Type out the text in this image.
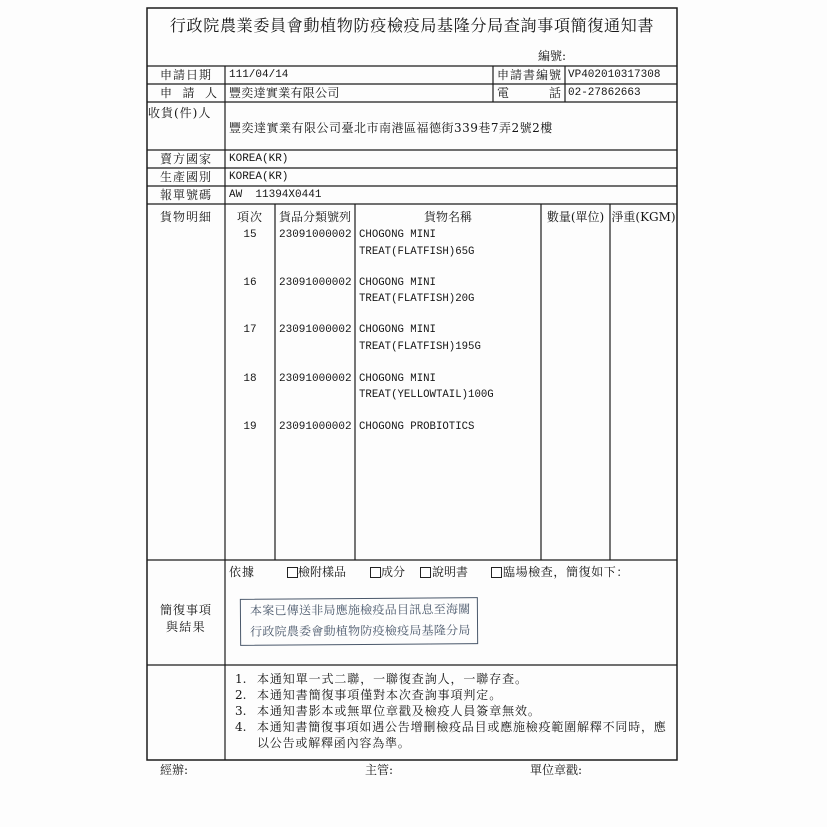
行政院農業委員會動植物防疫檢疫局基隆分局查詢事項簡復通知書
編號:
申請日期 111/04/14	申請書編號 VP402010317308
申 請 人 豐奕達實業有限公司	電 話 02-27862663
收貨(件)人
豐奕達實業有限公司臺北市南港區福德街339巷7弄2號2樓
賣方國家 KOREA(KR)
生產國別 KOREA(KR)
報單號碼 AW  11394X0441
貨物明細	項次	貨品分類號列	貨物名稱	數量(單位) 淨重(KGM)
15	23091000002 CHOGONG MINI
TREAT(FLATFISH)65G
16	23091000002 CHOGONG MINI
TREAT(FLATFISH)20G
17	23091000002 CHOGONG MINI
TREAT(FLATFISH)195G
18	23091000002 CHOGONG MINI
TREAT(YELLOWTAIL)100G
19	23091000002 CHOGONG PROBIOTICS
依據	檢附樣品	成分 說明書	臨場檢查，簡復如下：
簡復事項
與結果
本案已傳送非局應施檢疫品目訊息至海關
行政院農委會動植物防疫檢疫局基隆分局
1. 本通知單一式二聯，一聯復查詢人，一聯存查。
2. 本通知書簡復事項僅對本次查詢事項判定。
3. 本通知書影本或無單位章戳及檢疫人員簽章無效。
4. 本通知書簡復事項如遇公告增刪檢疫品目或應施檢疫範圍解釋不同時，應
以公告或解釋函內容為準。
經辦:	主管:	單位章戳:
